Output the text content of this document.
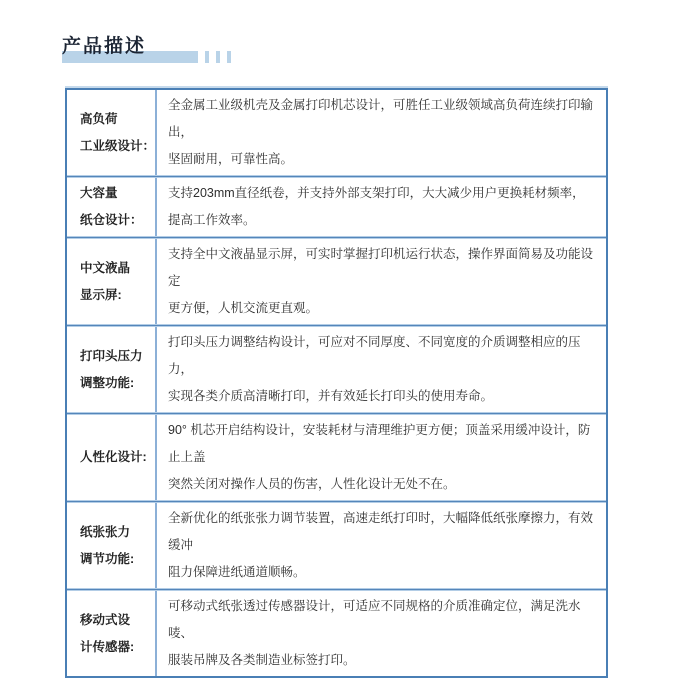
产品描述
高负荷
工业级设计：
全金属工业级机壳及金属打印机芯设计，可胜任工业级领域高负荷连续打印输出，
坚固耐用，可靠性高。
大容量
纸仓设计：
支持203mm直径纸卷，并支持外部支架打印，大大减少用户更换耗材频率，
提高工作效率。
中文液晶
显示屏:
支持全中文液晶显示屏，可实时掌握打印机运行状态，操作界面简易及功能设定
更方便，人机交流更直观。
打印头压力
调整功能:
打印头压力调整结构设计，可应对不同厚度、不同宽度的介质调整相应的压力，
实现各类介质高清晰打印，并有效延长打印头的使用寿命。
人性化设计:
90° 机芯开启结构设计，安装耗材与清理维护更方便；顶盖采用缓冲设计，防止上盖
突然关闭对操作人员的伤害，人性化设计无处不在。
纸张张力
调节功能:
全新优化的纸张张力调节装置，高速走纸打印时，大幅降低纸张摩擦力，有效缓冲
阻力保障进纸通道顺畅。
移动式设
计传感器:
可移动式纸张透过传感器设计，可适应不同规格的介质准确定位，满足洗水唛、
服装吊牌及各类制造业标签打印。
